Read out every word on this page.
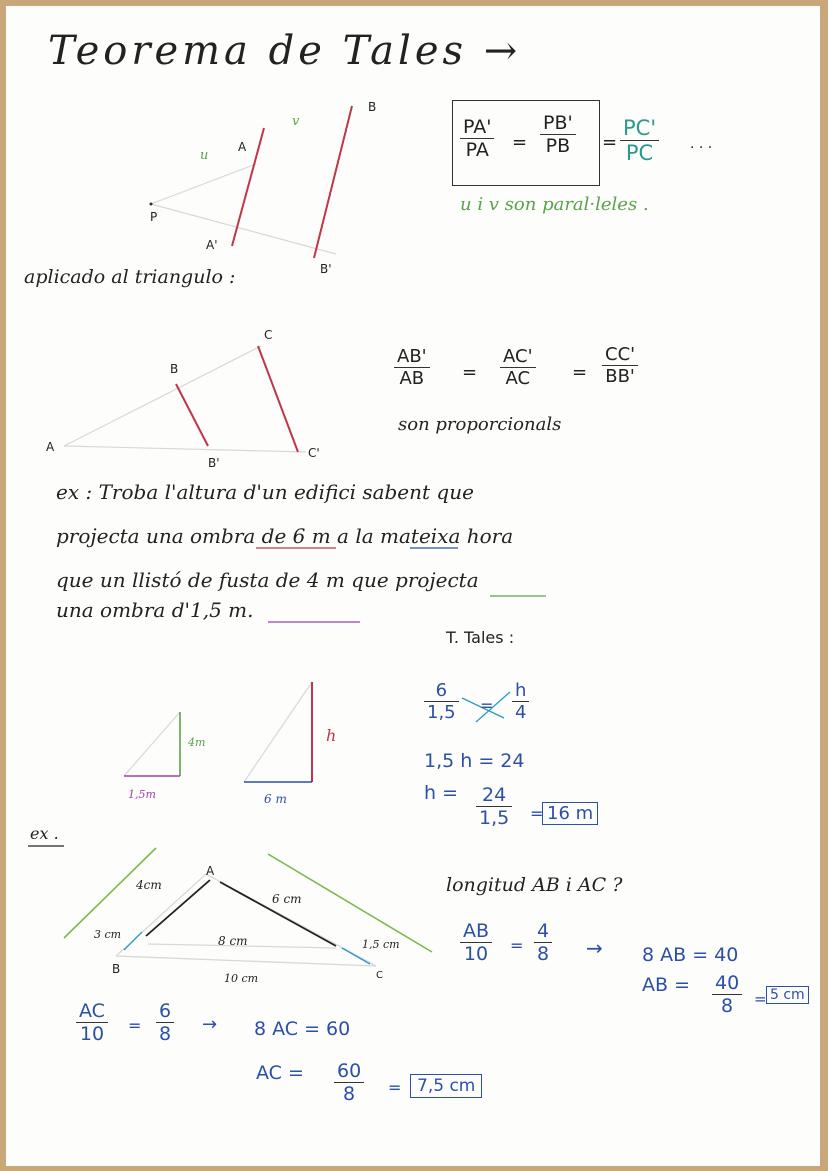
Teorema de Tales →
A
B
P
A'
B'
u
v	$\frac{PA'}{PA} = \frac{PB'}{PB} = \frac{PC'}{PC}$ . . .
u i v son paral·leles .
aplicado al triangulo :
A
B
C
B'
C'
$\frac{AB'}{AB} = \frac{AC'}{AC} = \frac{CC'}{BB'}$
son proporcionals
ex : Troba l'altura d'un edifici sabent que
projecta una ombra de 6 m a la mateixa hora
que un llistó de fusta de 4 m que projecta
una ombra d'1,5 m.
T. Tales :
$\frac{6}{1,5} = \frac{h}{4}$
1,5 h = 24
$h = \frac{24}{1,5} = 16$ m
4m
1,5m
h
6 m
ex .
A
B	C
4cm
3 cm
6 cm
8 cm	1,5 cm
10 cm
longitud AB i AC ?
$\frac{AB}{10} = \frac{4}{8} \to 8$ AB = 40
AB = $\frac{40}{8} = 5$ cm
$\frac{AC}{10} = \frac{6}{8} \to 8$ AC = 60
AC = $\frac{60}{8} = 7,5$ cm
